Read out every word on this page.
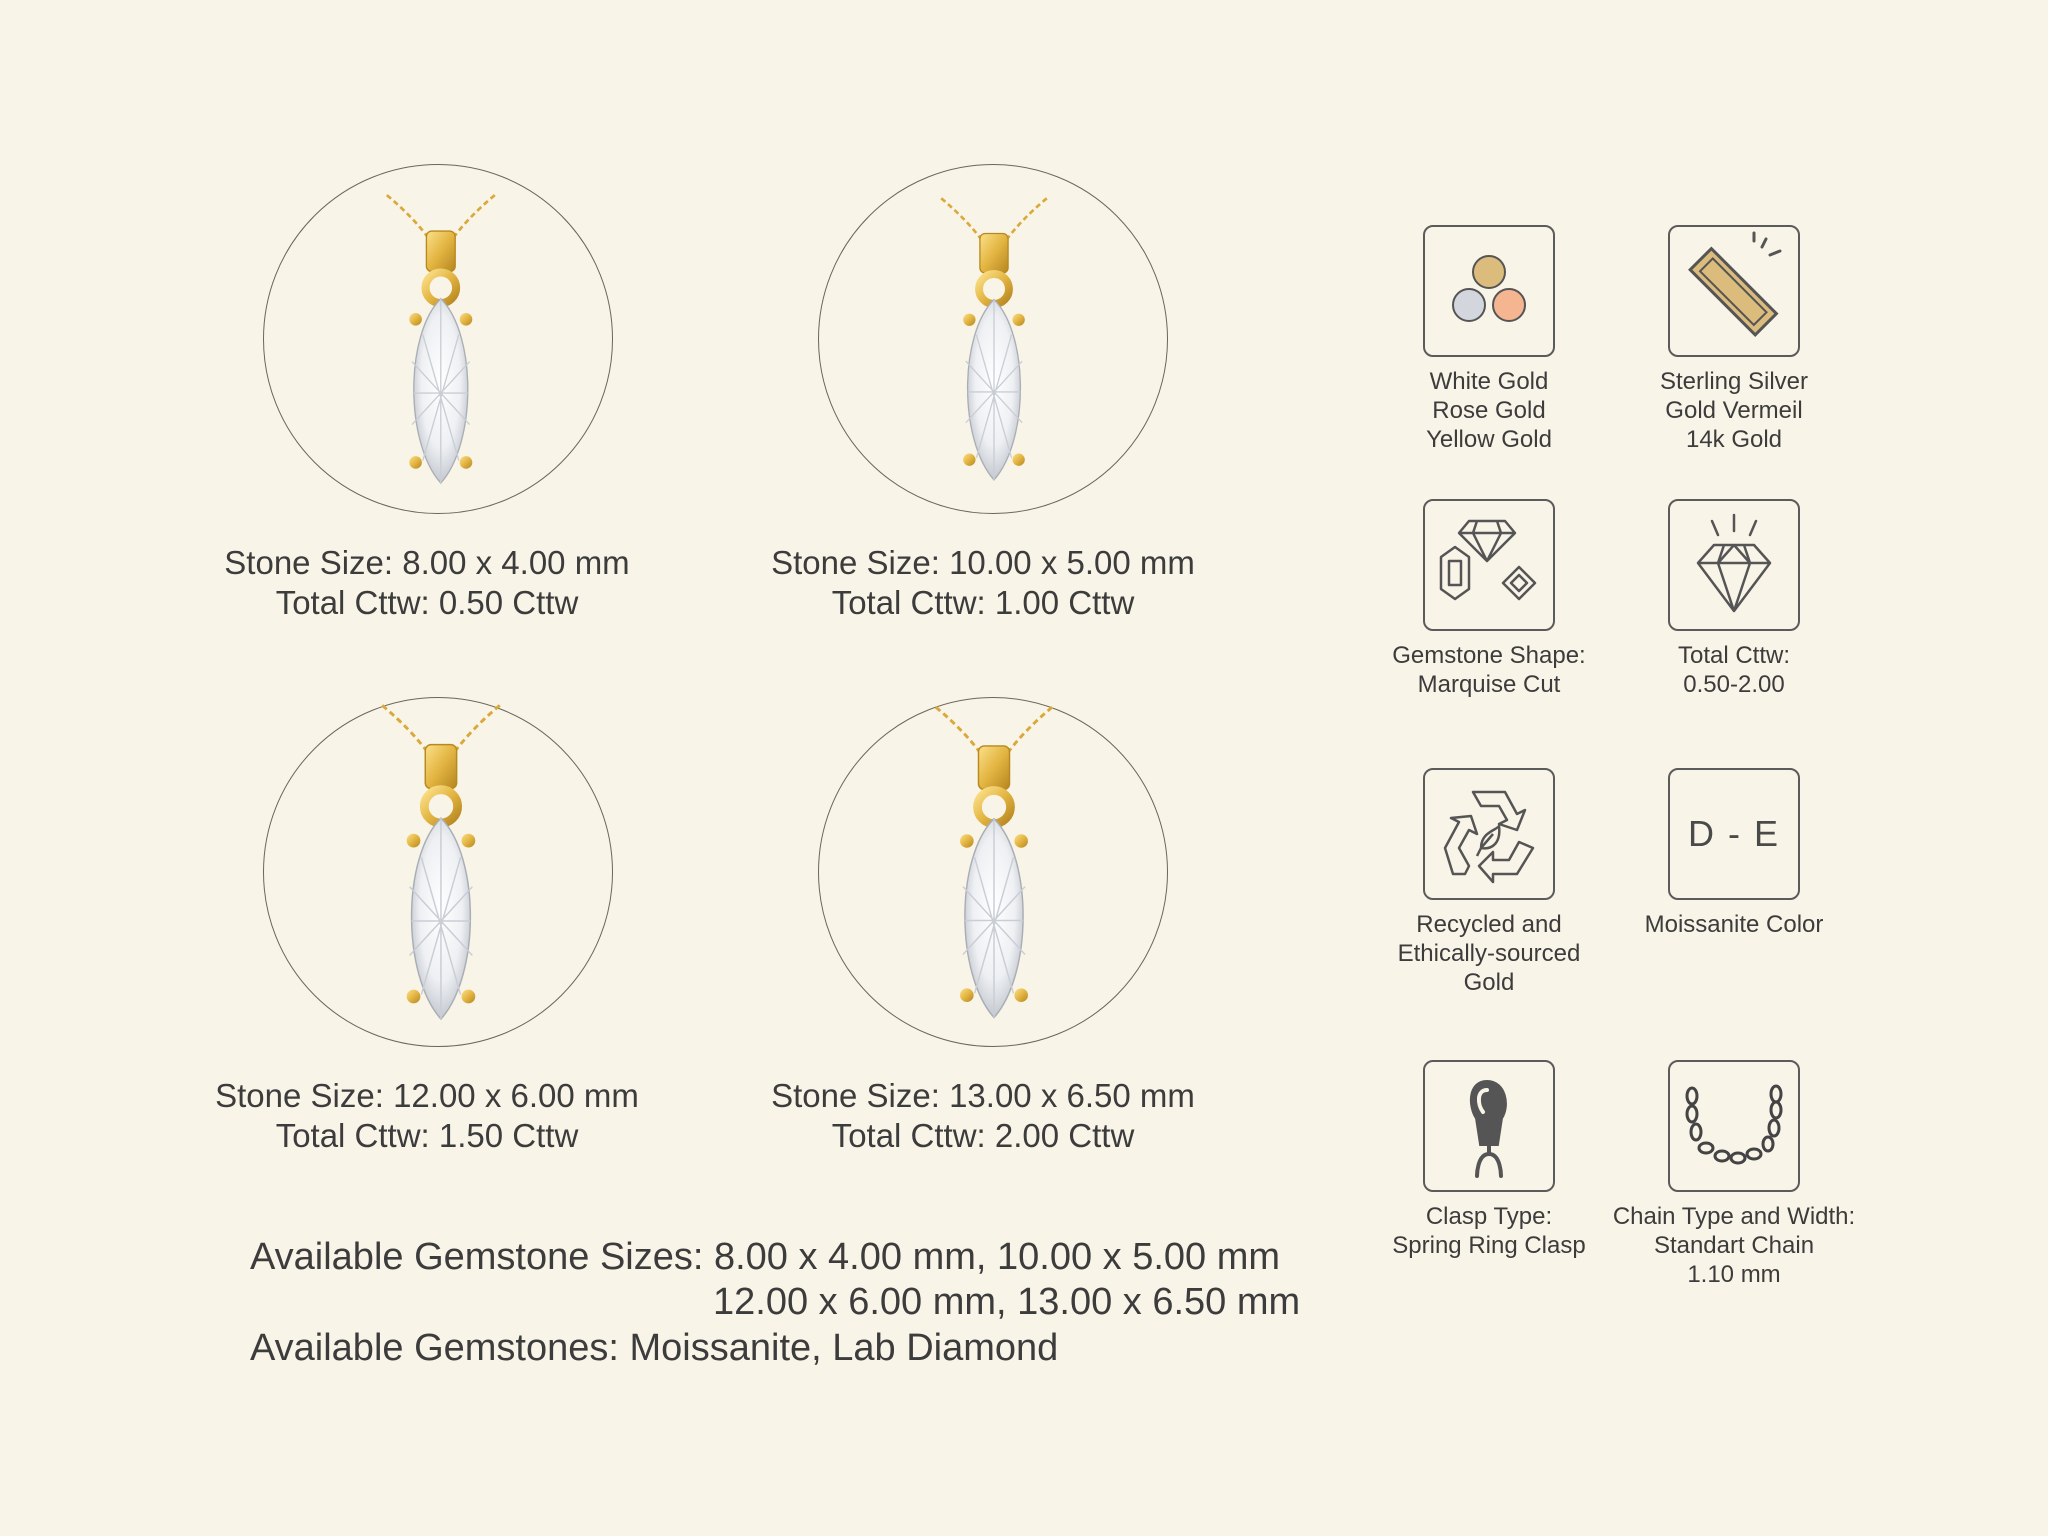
Stone Size: 8.00 x 4.00 mm
Total Cttw: 0.50 Cttw
Stone Size: 10.00 x 5.00 mm
Total Cttw: 1.00 Cttw
Stone Size: 12.00 x 6.00 mm
Total Cttw: 1.50 Cttw
Stone Size: 13.00 x 6.50 mm
Total Cttw: 2.00 Cttw
Available Gemstone Sizes: 8.00 x 4.00 mm, 10.00 x 5.00 mm
12.00 x 6.00 mm, 13.00 x 6.50 mm
Available Gemstones: Moissanite, Lab Diamond
White Gold
Rose Gold
Yellow Gold
Sterling Silver
Gold Vermeil
14k Gold
Gemstone Shape:
Marquise Cut
Total Cttw:
0.50-2.00
Recycled and
Ethically-sourced
Gold
D - E
Moissanite Color
Clasp Type:
Spring Ring Clasp
Chain Type and Width:
Standart Chain
1.10 mm
